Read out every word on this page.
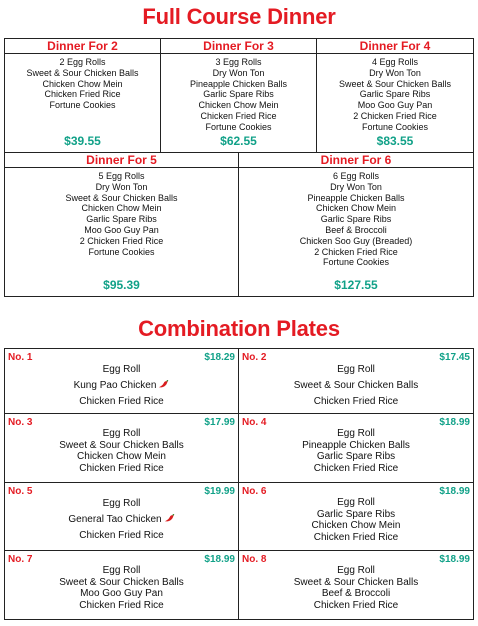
Full Course Dinner
Dinner For 2
2 Egg Rolls
Sweet & Sour Chicken Balls
Chicken Chow Mein
Chicken Fried Rice
Fortune Cookies
$39.55
Dinner For 3
3 Egg Rolls
Dry Won Ton
Pineapple Chicken Balls
Garlic Spare Ribs
Chicken Chow Mein
Chicken Fried Rice
Fortune Cookies
$62.55
Dinner For 4
4 Egg Rolls
Dry Won Ton
Sweet & Sour Chicken Balls
Garlic Spare Ribs
Moo Goo Guy Pan
2 Chicken Fried Rice
Fortune Cookies
$83.55
Dinner For 5
5 Egg Rolls
Dry Won Ton
Sweet & Sour Chicken Balls
Chicken Chow Mein
Garlic Spare Ribs
Moo Goo Guy Pan
2 Chicken Fried Rice
Fortune Cookies
$95.39
Dinner For 6
6 Egg Rolls
Dry Won Ton
Pineapple Chicken Balls
Chicken Chow Mein
Garlic Spare Ribs
Beef & Broccoli
Chicken Soo Guy (Breaded)
2 Chicken Fried Rice
Fortune Cookies
$127.55
Combination Plates
No. 1	$18.29
Egg Roll
Kung Pao Chicken
Chicken Fried Rice
No. 2	$17.45
Egg Roll
Sweet & Sour Chicken Balls
Chicken Fried Rice
No. 3	$17.99
Egg Roll
Sweet & Sour Chicken Balls
Chicken Chow Mein
Chicken Fried Rice
No. 4	$18.99
Egg Roll
Pineapple Chicken Balls
Garlic Spare Ribs
Chicken Fried Rice
No. 5	$19.99
Egg Roll
General Tao Chicken
Chicken Fried Rice
No. 6	$18.99
Egg Roll
Garlic Spare Ribs
Chicken Chow Mein
Chicken Fried Rice
No. 7	$18.99
Egg Roll
Sweet & Sour Chicken Balls
Moo Goo Guy Pan
Chicken Fried Rice
No. 8	$18.99
Egg Roll
Sweet & Sour Chicken Balls
Beef & Broccoli
Chicken Fried Rice
